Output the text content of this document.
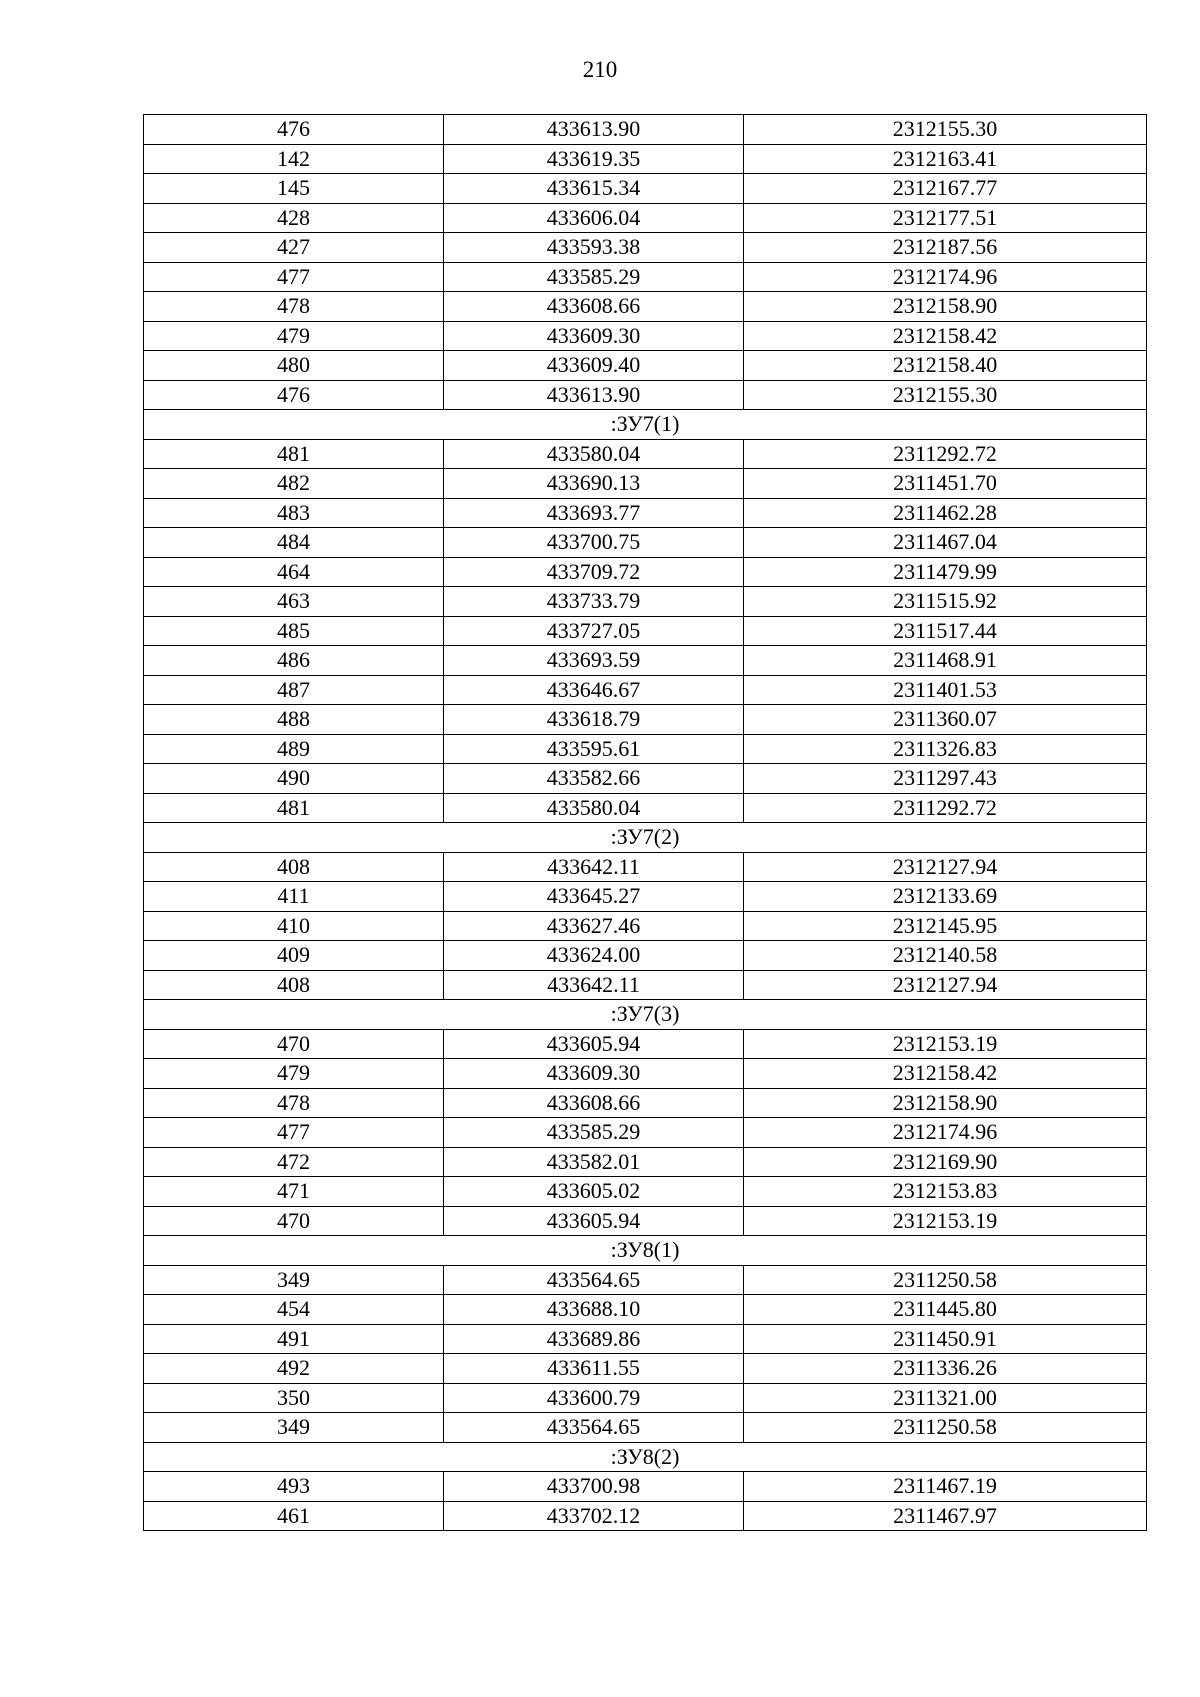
210
476	433613.90	2312155.30
142	433619.35	2312163.41
145	433615.34	2312167.77
428	433606.04	2312177.51
427	433593.38	2312187.56
477	433585.29	2312174.96
478	433608.66	2312158.90
479	433609.30	2312158.42
480	433609.40	2312158.40
476	433613.90	2312155.30
:ЗУ7(1)		
481	433580.04	2311292.72
482	433690.13	2311451.70
483	433693.77	2311462.28
484	433700.75	2311467.04
464	433709.72	2311479.99
463	433733.79	2311515.92
485	433727.05	2311517.44
486	433693.59	2311468.91
487	433646.67	2311401.53
488	433618.79	2311360.07
489	433595.61	2311326.83
490	433582.66	2311297.43
481	433580.04	2311292.72
:ЗУ7(2)		
408	433642.11	2312127.94
411	433645.27	2312133.69
410	433627.46	2312145.95
409	433624.00	2312140.58
408	433642.11	2312127.94
:ЗУ7(3)		
470	433605.94	2312153.19
479	433609.30	2312158.42
478	433608.66	2312158.90
477	433585.29	2312174.96
472	433582.01	2312169.90
471	433605.02	2312153.83
470	433605.94	2312153.19
:ЗУ8(1)		
349	433564.65	2311250.58
454	433688.10	2311445.80
491	433689.86	2311450.91
492	433611.55	2311336.26
350	433600.79	2311321.00
349	433564.65	2311250.58
:ЗУ8(2)		
493	433700.98	2311467.19
461	433702.12	2311467.97
